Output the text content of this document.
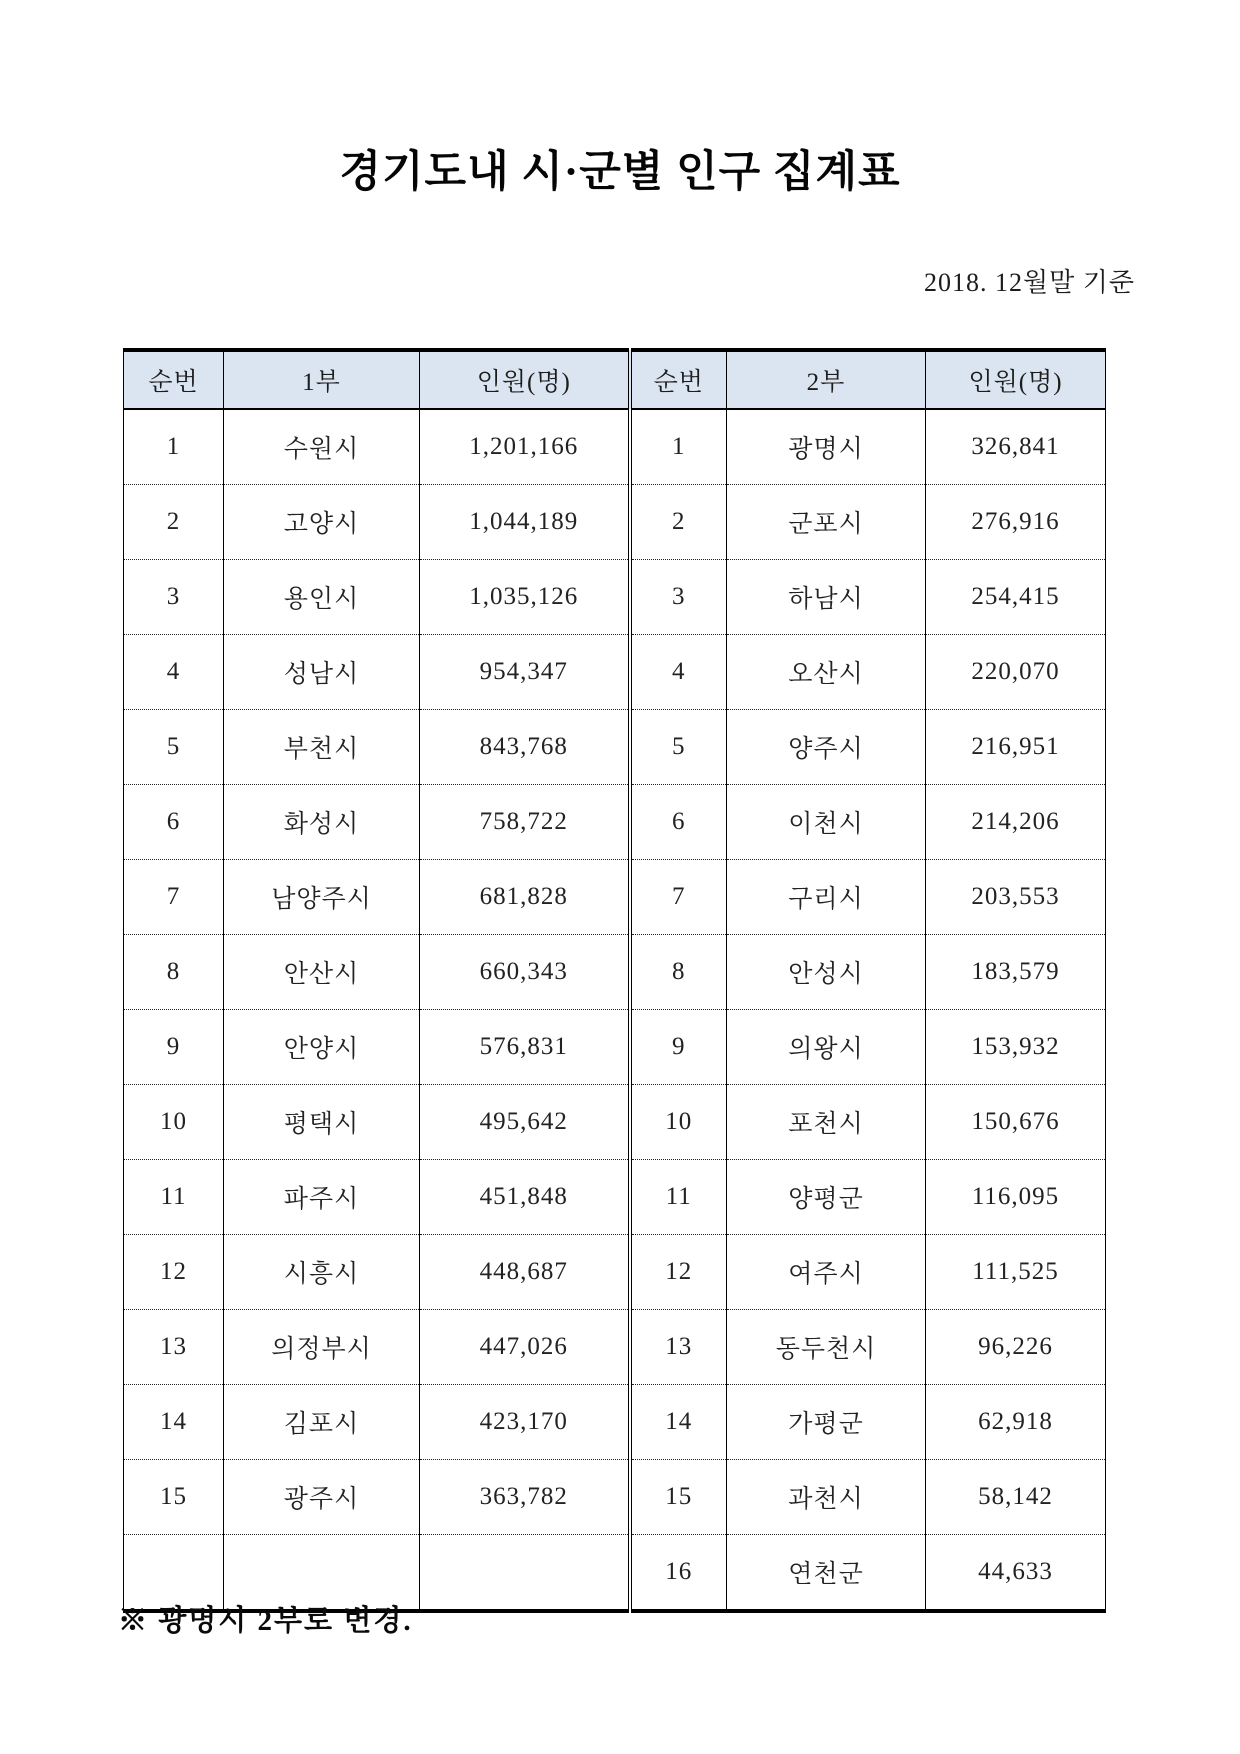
경기도내 시·군별 인구 집계표
2018. 12월말 기준
순번	1부	인원(명)	순번	2부	인원(명)
1	수원시	1,201,166	1	광명시	326,841
2	고양시	1,044,189	2	군포시	276,916
3	용인시	1,035,126	3	하남시	254,415
4	성남시	954,347	4	오산시	220,070
5	부천시	843,768	5	양주시	216,951
6	화성시	758,722	6	이천시	214,206
7	남양주시	681,828	7	구리시	203,553
8	안산시	660,343	8	안성시	183,579
9	안양시	576,831	9	의왕시	153,932
10	평택시	495,642	10	포천시	150,676
11	파주시	451,848	11	양평군	116,095
12	시흥시	448,687	12	여주시	111,525
13	의정부시	447,026	13	동두천시	96,226
14	김포시	423,170	14	가평군	62,918
15	광주시	363,782	15	과천시	58,142
			16	연천군	44,633
※ 광명시 2부로 변경.
